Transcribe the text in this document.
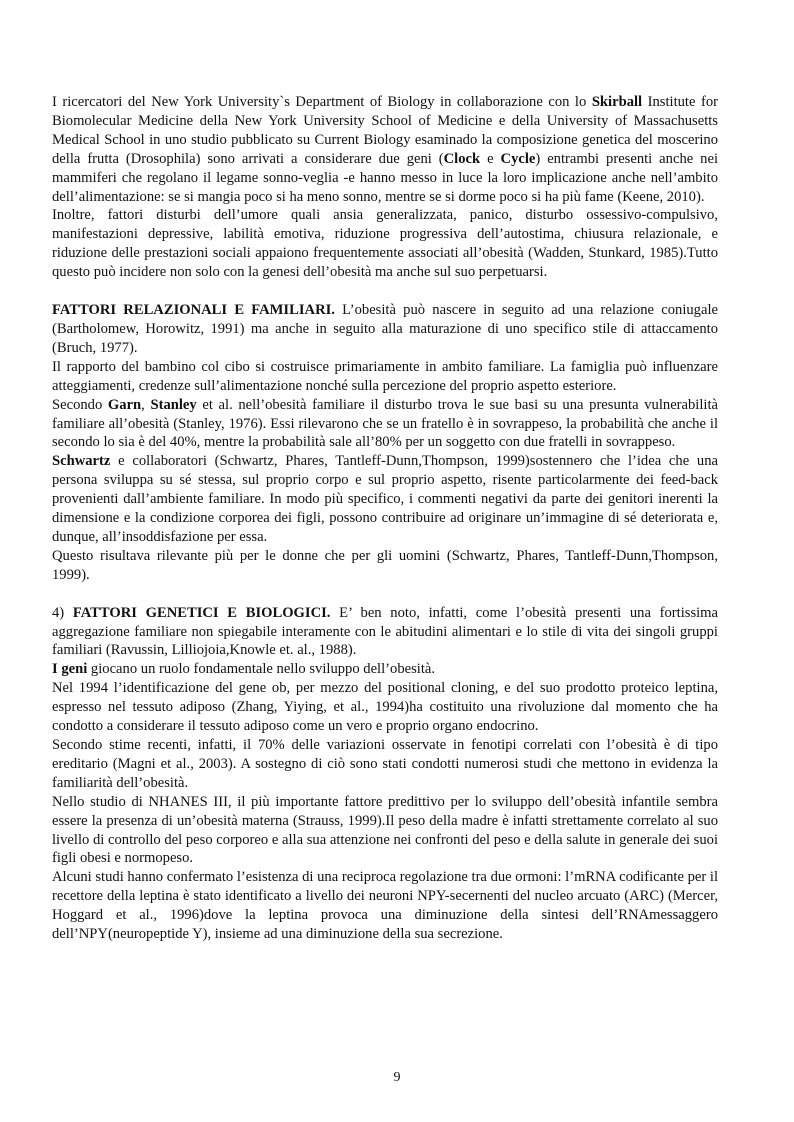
I ricercatori del New York University`s Department of Biology in collaborazione con lo Skirball Institute for Biomolecular Medicine della New York University School of Medicine e della University of Massachusetts Medical School in uno studio pubblicato su Current Biology esaminado la composizione genetica del moscerino della frutta (Drosophila) sono arrivati a considerare due geni (Clock e Cycle) entrambi presenti anche nei mammiferi che regolano il legame sonno-veglia -e hanno messo in luce la loro implicazione anche nell’ambito dell’alimentazione: se si mangia poco si ha meno sonno, mentre se si dorme poco si ha più fame (Keene, 2010).

Inoltre, fattori disturbi dell’umore quali ansia generalizzata, panico, disturbo ossessivo-compulsivo, manifestazioni depressive, labilità emotiva, riduzione progressiva dell’autostima, chiusura relazionale, e riduzione delle prestazioni sociali appaiono frequentemente associati all’obesità (Wadden, Stunkard, 1985).Tutto questo può incidere non solo con la genesi dell’obesità ma anche sul suo perpetuarsi.

FATTORI RELAZIONALI E FAMILIARI. L’obesità può nascere in seguito ad una relazione coniugale (Bartholomew, Horowitz, 1991) ma anche in seguito alla maturazione di uno specifico stile di attaccamento (Bruch, 1977).

Il rapporto del bambino col cibo si costruisce primariamente in ambito familiare. La famiglia può influenzare atteggiamenti, credenze sull’alimentazione nonché sulla percezione del proprio aspetto esteriore.

Secondo Garn, Stanley et al. nell’obesità familiare il disturbo trova le sue basi su una presunta vulnerabilità familiare all’obesità (Stanley, 1976). Essi rilevarono che se un fratello è in sovrappeso, la probabilità che anche il secondo lo sia è del 40%, mentre la probabilità sale all’80% per un soggetto con due fratelli in sovrappeso.

Schwartz e collaboratori (Schwartz, Phares, Tantleff-Dunn,Thompson, 1999)sostennero che l’idea che una persona sviluppa su sé stessa, sul proprio corpo e sul proprio aspetto, risente particolarmente dei feed-back provenienti dall’ambiente familiare. In modo più specifico, i commenti negativi da parte dei genitori inerenti la dimensione e la condizione corporea dei figli, possono contribuire ad originare un’immagine di sé deteriorata e, dunque, all’insoddisfazione per essa.

Questo risultava rilevante più per le donne che per gli uomini (Schwartz, Phares, Tantleff-Dunn,Thompson, 1999).

4) FATTORI GENETICI E BIOLOGICI. E’ ben noto, infatti, come l’obesità presenti una fortissima aggregazione familiare non spiegabile interamente con le abitudini alimentari e lo stile di vita dei singoli gruppi familiari (Ravussin, Lilliojoia,Knowle et. al., 1988).

I geni giocano un ruolo fondamentale nello sviluppo dell’obesità.

Nel 1994 l’identificazione del gene ob, per mezzo del positional cloning, e del suo prodotto proteico leptina, espresso nel tessuto adiposo (Zhang, Yiying, et al., 1994)ha costituito una rivoluzione dal momento che ha condotto a considerare il tessuto adiposo come un vero e proprio organo endocrino.

Secondo stime recenti, infatti, il 70% delle variazioni osservate in fenotipi correlati con l’obesità è di tipo ereditario (Magni et al., 2003). A sostegno di ciò sono stati condotti numerosi studi che mettono in evidenza la familiarità dell’obesità.

Nello studio di NHANES III, il più importante fattore predittivo per lo sviluppo dell’obesità infantile sembra essere la presenza di un’obesità materna (Strauss, 1999).Il peso della madre è infatti strettamente correlato al suo livello di controllo del peso corporeo e alla sua attenzione nei confronti del peso e della salute in generale dei suoi figli obesi e normopeso.

Alcuni studi hanno confermato l’esistenza di una reciproca regolazione tra due ormoni: l’mRNA codificante per il recettore della leptina è stato identificato a livello dei neuroni NPY-secernenti del nucleo arcuato (ARC) (Mercer, Hoggard et al., 1996)dove la leptina provoca una diminuzione della sintesi dell’RNAmessaggero dell’NPY(neuropeptide Y), insieme ad una diminuzione della sua secrezione.

9
